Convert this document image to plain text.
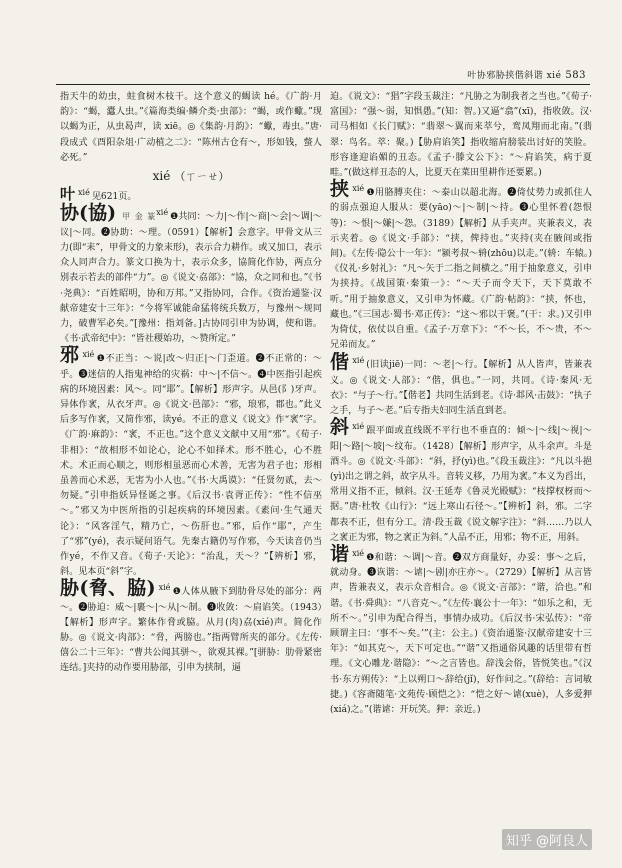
叶协邪胁挟偕斜谐 xié 583

指天牛的幼虫，蛀食树木枝干。这个意义的蝎读 hé。《广韵·月韵》：“蝎，蠹人虫。”《篇海类编·鳞介类·虫部》：“蝎，或作蠍。”现以蝎为正，从虫曷声，读 xiē。◎《集韵·月韵》：“蠍，毒虫。”唐·段成式《酉阳杂俎·广动植之二》：“陈州古仓有～，形如钱，螫人必死。”

xié （ㄒㄧㄝ）

叶xié 见621页。

协(協) 甲 金 篆xié ❶共同：～力|～作|～商|～会|～调|～议|～同。❷协助：～理。（0591）【解析】会意字。甲骨文从三力(即“耒”，甲骨文的力象耒形)，表示合力耕作。或又加口，表示众人同声合力。篆文口换为十，表示众多，協简化作协，两点分别表示若去的部件“力”。◎《说文·劦部》：“協，众之同和也。”《书·尧典》：“百姓昭明，协和万邦。”又指协同，合作。《资治通鉴·汉献帝建安十三年》：“今将军诚能命猛将统兵数万，与豫州～规同力，破曹军必矣。”[豫州：指刘备。]古协同引申为协调，使和谐。《书·武帝纪中》：“皆社稷始功，～赞所定。”

邪xié ❶不正当：～说|改～归正|～门歪道。❷不正常的：～乎。❸迷信的人指鬼神给的灾祸：中～|不信～。❹中医指引起疾病的环境因素：风～。同“耶”。【解析】形声字。从邑(阝)牙声。异体作衺，从衣牙声。◎《说文·邑部》：“邪，琅邪，郡也。”此义后多写作衺，又简作邪，读yé。不正的意义《说文》作“衺”字。《广韵·麻韵》：“衺，不正也。”这个意义文献中又用“邪”。《荀子·非相》：“故相形不如论心，论心不如择术。形不胜心，心不胜术。术正而心顺之，则形相虽恶而心术善，无害为君子也；形相虽善而心术恶，无害为小人也。”《书·大禹谟》：“任贤勿贰，去～勿疑。”引申指妖异怪诞之事。《后汉书·袁胥正传》：“性不信巫～。”邪又为中医所指的引起疾病的环境因素。《素问·生气通天论》：“风客淫气，精乃亡，～伤肝也。”邪，后作“耶”，产生了“邪”(yé)，表示疑问语气。先秦古籍仍写作邪，今天读音仍当作yé，不作又音。《荀子·天论》：“治乱，天～？”【辨析】邪，斜。见本页“斜”字。

胁(脅、脇) xié ❶人体从腋下到肋骨尽处的部分：两～。❷胁迫：威～|裹～|～从|～制。❸收敛：～肩谄笑。（1943）【解析】形声字。繁体作脅或脇。从月(肉)劦(xié)声。简化作胁。◎《说文·肉部》：“脅，两膀也。”指两臂所夹的部分。《左传·僖公二十三年》：“曹共公闻其骈～，欲观其裸。”[骈胁：肋骨紧密连结。]夹持的动作要用胁部，引申为挟制，逼

迫。《说文》：“猖”字段玉裁注：“凡胁之为制我者之当也。”《荀子·富国》：“强～弱，知惧愚。”(知：智。)又逼“翕”(xī)，指收敛。汉·司马相如《长门赋》：“翡翠～翼而来萃兮，鸾凤翔而北南。”(翡翠：鸟名。萃：聚。)【胁肩谄笑】指收缩肩膀装出讨好的笑脸。形容逢迎谄媚的丑态。《孟子·滕文公下》：“～肩谄笑，病于夏畦。”(做这样丑态的人，比夏天在菜田里耕作还要累。)

挟xié ❶用胳膊夹住：～泰山以超北海。❷倚仗势力或抓住人的弱点强迫人服从：要(yāo)～|～制|～持。❸心里怀着(怨恨等)：～恨|～嫌|～怨。（3189）【解析】从手夹声。夹兼表义，表示夹着。◎《说文·手部》：“挟，俾持也。”夹持(夹在腋间或指间)。《左传·隐公十一年》：“颍考叔～辀(zhōu)以走。”(辀：车辕。)《仪礼·乡射礼》：“凡～矢于二指之间横之。”用于抽象意义，引申为挟持。《战国策·秦策一》：“～天子而令天下，天下莫敢不听。”用于抽象意义，又引申为怀藏。《广韵·帖韵》：“挟，怀也，藏也。”《三国志·蜀书·邓正传》：“这～邪以干褒。”(干：求。)又引申为倚仗，依仗以自重。《孟子·万章下》：“不～长，不～贵，不～兄弟而友。”

偕xié (旧读jiē)一同：～老|～行。【解析】从人皆声，皆兼表义。◎《说文·人部》：“偕，俱也。”一同，共同。《诗·秦风·无衣》：“与子～行。”【偕老】共同生活到老。《诗·邶风·击鼓》：“执子之手，与子～老。”后专指夫妇同生活直到老。

斜xié 跟平面或直线既不平行也不垂直的：倾～|～线|～视|～阳|～路|～坡|～纹布。（1428）【解析】形声字，从斗余声。斗是酒斗。◎《说文·斗部》：“斜，抒(yì)也。”《段玉裁注》：“凡以斗挹(yì)出之谓之斜，故字从斗。音转义移，乃用为衺。”本义为舀出，常用义指不正，倾斜。汉·王延寿《鲁灵光殿赋》：“枝撑杈枒而～据。”唐·杜牧《山行》：“远上寒山石径～。”【辨析】斜，邪。二字都表不正，但有分工。清·段玉裁《说文解字注》：“斜……乃以人之衺正为邪，物之衺正为斜。”人品不正，用邪；物不正，用斜。

谐xié ❶和谐：～调|～音。❷双方商量好，办妥：事～之后，就动身。❸诙谐：～谑|～剧|亦庄亦～。（2729）【解析】从言皆声，皆兼表义，表示众音相合。◎《说文·言部》：“谐，洽也。”和谐。《书·舜典》：“八音克～。”《左传·襄公十一年》：“如乐之和，无所不～。”引申为配合得当，事情办成功。《后汉书·宋弘传》：“帝顾谓主曰：‘事不～矣。’”(主：公主。)《资治通鉴·汉献帝建安十三年》：“如其克～，天下可定也。”“谐”又指通俗风趣的话里带有哲理。《文心雕龙·谐隐》：“～之言皆也。辞浅会俗，皆悦笑也。”《汉书·东方朔传》：“上以朔口～辞给(jǐ)，好作问之。”(辞给：言词敏捷。)《容斋随笔·文苑传·顾恺之》：“恺之好～谑(xuè)，人多爱狎(xiá)之。”(谐谑：开玩笑。狎：亲近。)

知乎 @阿良人
